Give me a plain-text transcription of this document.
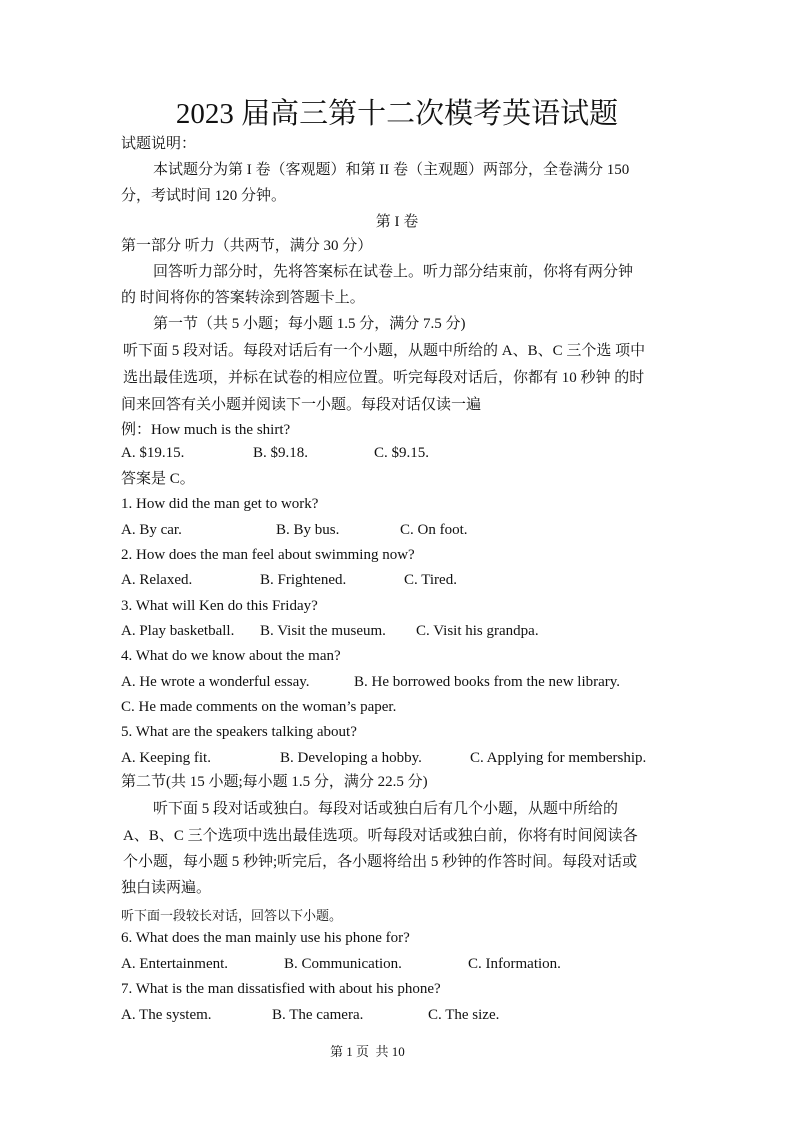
2023 届高三第十二次模考英语试题
试题说明：
本试题分为第 I 卷（客观题）和第 II 卷（主观题）两部分，全卷满分 150
分，考试时间 120 分钟。
第 I 卷
第一部分 听力（共两节，满分 30 分）
回答听力部分时，先将答案标在试卷上。听力部分结束前，你将有两分钟
的 时间将你的答案转涂到答题卡上。
第一节（共 5 小题；每小题 1.5 分，满分 7.5 分)
听下面 5 段对话。每段对话后有一个小题，从题中所给的 A、B、C 三个选 项中
选出最佳选项，并标在试卷的相应位置。听完每段对话后，你都有 10 秒钟 的时
间来回答有关小题并阅读下一小题。每段对话仅读一遍
例：How much is the shirt?
A. $19.15.	B. $9.18.	C. $9.15.
答案是 C。
1. How did the man get to work?
A. By car.	B. By bus.	C. On foot.
2. How does the man feel about swimming now?
A. Relaxed.	B. Frightened.	C. Tired.
3. What will Ken do this Friday?
A. Play basketball. B. Visit the museum. C. Visit his grandpa.
4. What do we know about the man?
A. He wrote a wonderful essay.	B. He borrowed books from the new library.
C. He made comments on the woman’s paper.
5. What are the speakers talking about?
A. Keeping fit.	B. Developing a hobby.	C. Applying for membership.
第二节(共 15 小题;每小题 1.5 分，满分 22.5 分)
听下面 5 段对话或独白。每段对话或独白后有几个小题，从题中所给的
A、B、C 三个选项中选出最佳选项。听每段对话或独白前，你将有时间阅读各
个小题，每小题 5 秒钟;听完后，各小题将给出 5 秒钟的作答时间。每段对话或
独白读两遍。
听下面一段较长对话，回答以下小题。
6. What does the man mainly use his phone for?
A. Entertainment.	B. Communication.	C. Information.
7. What is the man dissatisfied with about his phone?
A. The system.	B. The camera.	C. The size.
第 1 页  共 10
